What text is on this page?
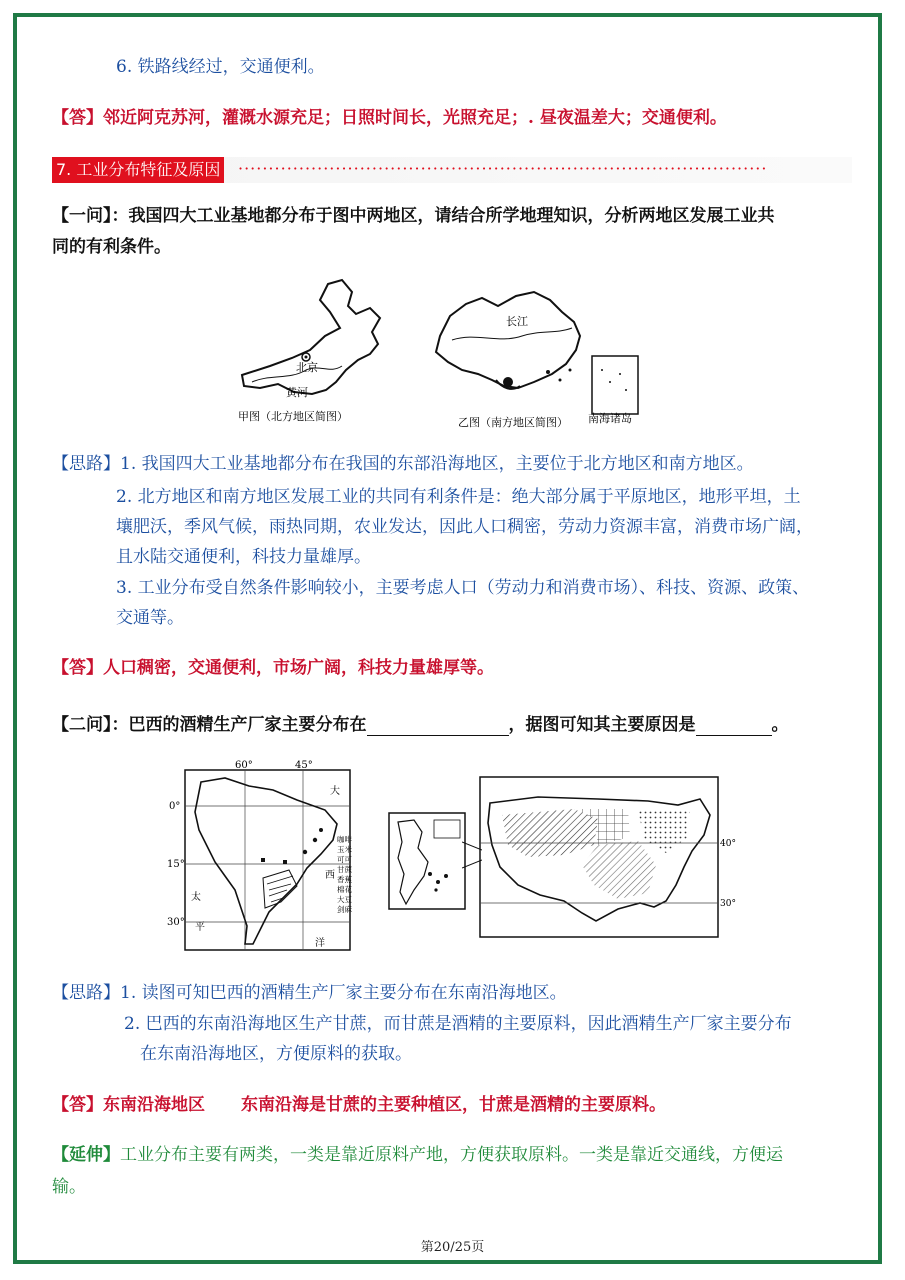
6. 铁路线经过，交通便利。
【答】邻近阿克苏河，灌溉水源充足；日照时间长，光照充足；. 昼夜温差大；交通便利。
7. 工业分布特征及原因 ·······················································································
【一问】：我国四大工业基地都分布于图中两地区，请结合所学地理知识，分析两地区发展工业共
同的有利条件。
北京
黄河
长江
南海诸岛
甲图（北方地区简图）	乙图（南方地区简图）
【思路】1. 我国四大工业基地都分布在我国的东部沿海地区，主要位于北方地区和南方地区。
2. 北方地区和南方地区发展工业的共同有利条件是：绝大部分属于平原地区，地形平坦，土
壤肥沃，季风气候，雨热同期，农业发达，因此人口稠密，劳动力资源丰富，消费市场广阔，
且水陆交通便利，科技力量雄厚。
3. 工业分布受自然条件影响较小，主要考虑人口（劳动力和消费市场）、科技、资源、政策、
交通等。
【答】人口稠密，交通便利，市场广阔，科技力量雄厚等。
【二问】：巴西的酒精生产厂家主要分布在	，据图可知其主要原因是	。
60°	45°
0°
15°
30°
大
西
洋
太
平
咖啡
玉米
可可
甘蔗
香蕉
棉花
大豆
剑麻
40°
30°
【思路】1. 读图可知巴西的酒精生产厂家主要分布在东南沿海地区。
2. 巴西的东南沿海地区生产甘蔗，而甘蔗是酒精的主要原料，因此酒精生产厂家主要分布
在东南沿海地区，方便原料的获取。
【答】东南沿海地区 东南沿海是甘蔗的主要种植区，甘蔗是酒精的主要原料。
【延伸】工业分布主要有两类，一类是靠近原料产地，方便获取原料。一类是靠近交通线，方便运
输。
第20/25页
